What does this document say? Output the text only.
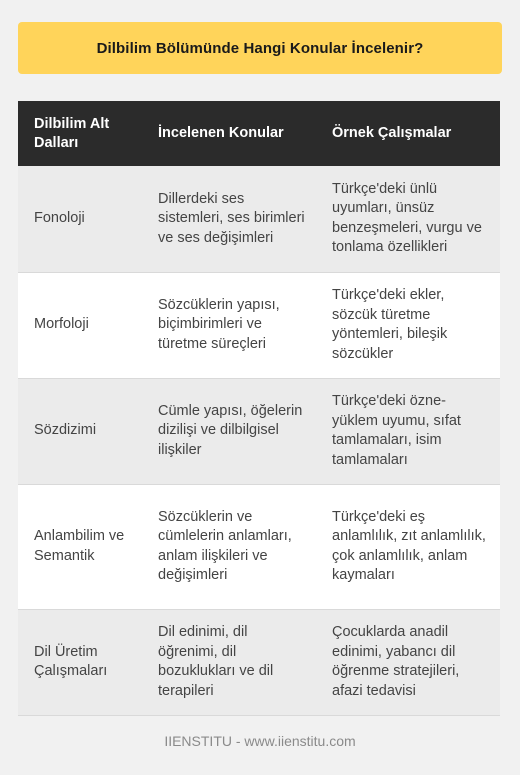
Dilbilim Bölümünde Hangi Konular İncelenir?
Dilbilim Alt Dalları	İncelenen Konular	Örnek Çalışmalar
Fonoloji	Dillerdeki ses sistemleri, ses birimleri ve ses değişimleri	Türkçe'deki ünlü uyumları, ünsüz benzeşmeleri, vurgu ve tonlama özellikleri
Morfoloji	Sözcüklerin yapısı, biçimbirimleri ve türetme süreçleri	Türkçe'deki ekler, sözcük türetme yöntemleri, bileşik sözcükler
Sözdizimi	Cümle yapısı, öğelerin dizilişi ve dilbilgisel ilişkiler	Türkçe'deki özne-yüklem uyumu, sıfat tamlamaları, isim tamlamaları
Anlambilim ve Semantik	Sözcüklerin ve cümlelerin anlamları, anlam ilişkileri ve değişimleri	Türkçe'deki eş anlamlılık, zıt anlamlılık, çok anlamlılık, anlam kaymaları
Dil Üretim Çalışmaları	Dil edinimi, dil öğrenimi, dil bozuklukları ve dil terapileri	Çocuklarda anadil edinimi, yabancı dil öğrenme stratejileri, afazi tedavisi
IIENSTITU - www.iienstitu.com
